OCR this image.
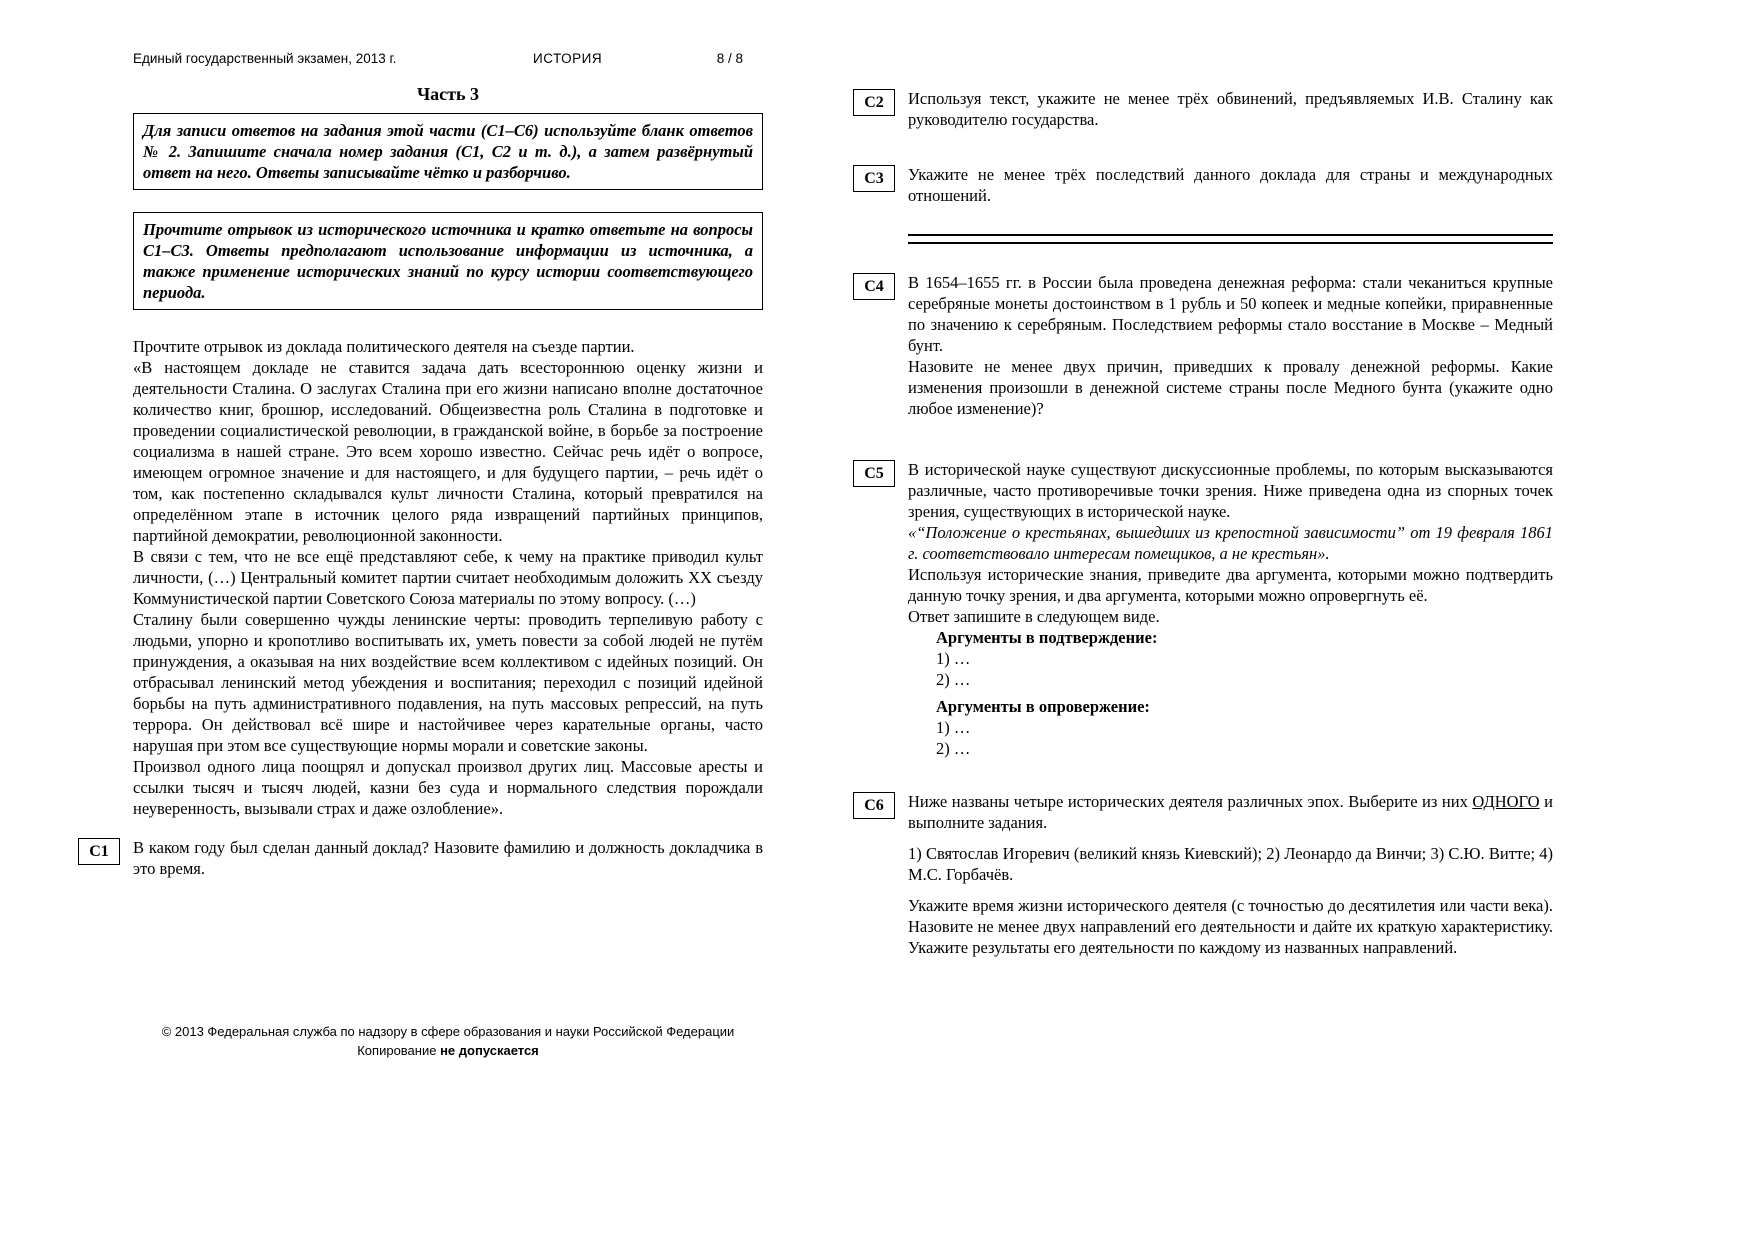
Единый государственный экзамен, 2013 г.	ИСТОРИЯ	8 / 8
Часть 3
Для записи ответов на задания этой части (С1–С6) используйте бланк ответов № 2. Запишите сначала номер задания (С1, С2 и т. д.), а затем развёрнутый ответ на него. Ответы записывайте чётко и разборчиво.
Прочтите отрывок из исторического источника и кратко ответьте на вопросы С1–С3. Ответы предполагают использование информации из источника, а также применение исторических знаний по курсу истории соответствующего периода.
Прочтите отрывок из доклада политического деятеля на съезде партии.
«В настоящем докладе не ставится задача дать всестороннюю оценку жизни и деятельности Сталина. О заслугах Сталина при его жизни написано вполне достаточное количество книг, брошюр, исследований. Общеизвестна роль Сталина в подготовке и проведении социалистической революции, в гражданской войне, в борьбе за построение социализма в нашей стране. Это всем хорошо известно. Сейчас речь идёт о вопросе, имеющем огромное значение и для настоящего, и для будущего партии, – речь идёт о том, как постепенно складывался культ личности Сталина, который превратился на определённом этапе в источник целого ряда извращений партийных принципов, партийной демократии, революционной законности.
В связи с тем, что не все ещё представляют себе, к чему на практике приводил культ личности, (…) Центральный комитет партии считает необходимым доложить XX съезду Коммунистической партии Советского Союза материалы по этому вопросу. (…)
Сталину были совершенно чужды ленинские черты: проводить терпеливую работу с людьми, упорно и кропотливо воспитывать их, уметь повести за собой людей не путём принуждения, а оказывая на них воздействие всем коллективом с идейных позиций. Он отбрасывал ленинский метод убеждения и воспитания; переходил с позиций идейной борьбы на путь административного подавления, на путь массовых репрессий, на путь террора. Он действовал всё шире и настойчивее через карательные органы, часто нарушая при этом все существующие нормы морали и советские законы.
Произвол одного лица поощрял и допускал произвол других лиц. Массовые аресты и ссылки тысяч и тысяч людей, казни без суда и нормального следствия порождали неуверенность, вызывали страх и даже озлобление».
С1	В каком году был сделан данный доклад? Назовите фамилию и должность докладчика в это время.
С2	Используя текст, укажите не менее трёх обвинений, предъявляемых И.В. Сталину как руководителю государства.
С3	Укажите не менее трёх последствий данного доклада для страны и международных отношений.
С4	В 1654–1655 гг. в России была проведена денежная реформа: стали чеканиться крупные серебряные монеты достоинством в 1 рубль и 50 копеек и медные копейки, приравненные по значению к серебряным. Последствием реформы стало восстание в Москве – Медный бунт.
Назовите не менее двух причин, приведших к провалу денежной реформы. Какие изменения произошли в денежной системе страны после Медного бунта (укажите одно любое изменение)?
С5	В исторической науке существуют дискуссионные проблемы, по которым высказываются различные, часто противоречивые точки зрения. Ниже приведена одна из спорных точек зрения, существующих в исторической науке.
«“Положение о крестьянах, вышедших из крепостной зависимости” от 19 февраля 1861 г. соответствовало интересам помещиков, а не крестьян».
Используя исторические знания, приведите два аргумента, которыми можно подтвердить данную точку зрения, и два аргумента, которыми можно опровергнуть её.
Ответ запишите в следующем виде.
Аргументы в подтверждение:
1) …
2) …
Аргументы в опровержение:
1) …
2) …
С6	Ниже названы четыре исторических деятеля различных эпох. Выберите из них ОДНОГО и выполните задания.
1) Святослав Игоревич (великий князь Киевский); 2) Леонардо да Винчи; 3) С.Ю. Витте; 4) М.С. Горбачёв.
Укажите время жизни исторического деятеля (с точностью до десятилетия или части века). Назовите не менее двух направлений его деятельности и дайте их краткую характеристику. Укажите результаты его деятельности по каждому из названных направлений.
© 2013 Федеральная служба по надзору в сфере образования и науки Российской Федерации
Копирование не допускается
